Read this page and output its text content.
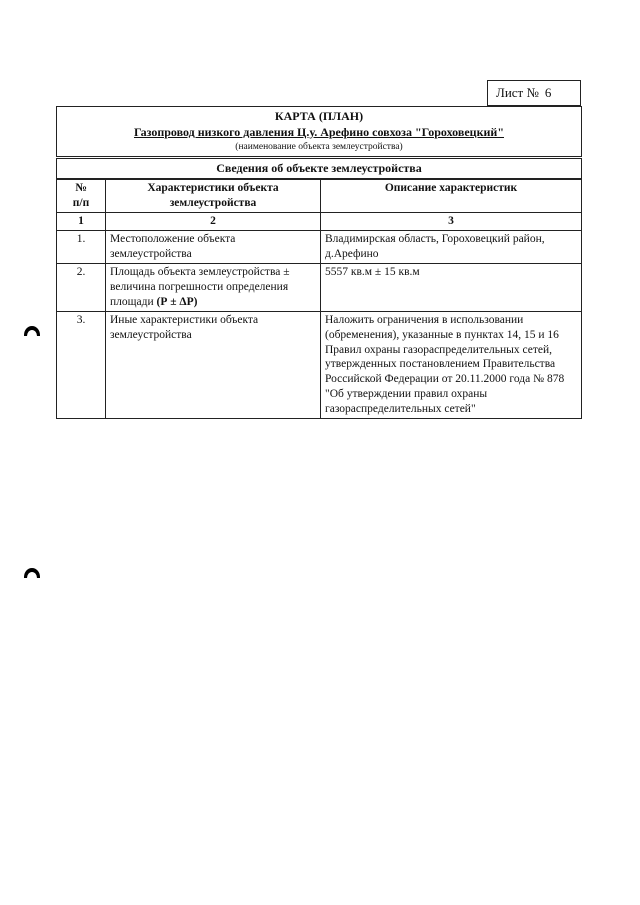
Лист № 6
КАРТА (ПЛАН)
Газопровод низкого давления Ц.у. Арефино совхоза "Гороховецкий"
(наименование объекта землеустройства)		

Сведения об объекте землеустройства		
№
п/п	Характеристики объекта землеустройства	Описание характеристик
1	2	3
1.	Местоположение объекта землеустройства	Владимирская область, Гороховецкий район, д.Арефино
2.	Площадь объекта землеустройства ± величина погрешности определения площади (Р ± ΔР)	5557 кв.м ± 15 кв.м
3.	Иные характеристики объекта землеустройства	Наложить ограничения в использовании (обременения), указанные в пунктах 14, 15 и 16 Правил охраны газораспределительных сетей, утвержденных постановлением Правительства Российской Федерации от 20.11.2000 года № 878 "Об утверждении правил охраны газораспределительных сетей"
